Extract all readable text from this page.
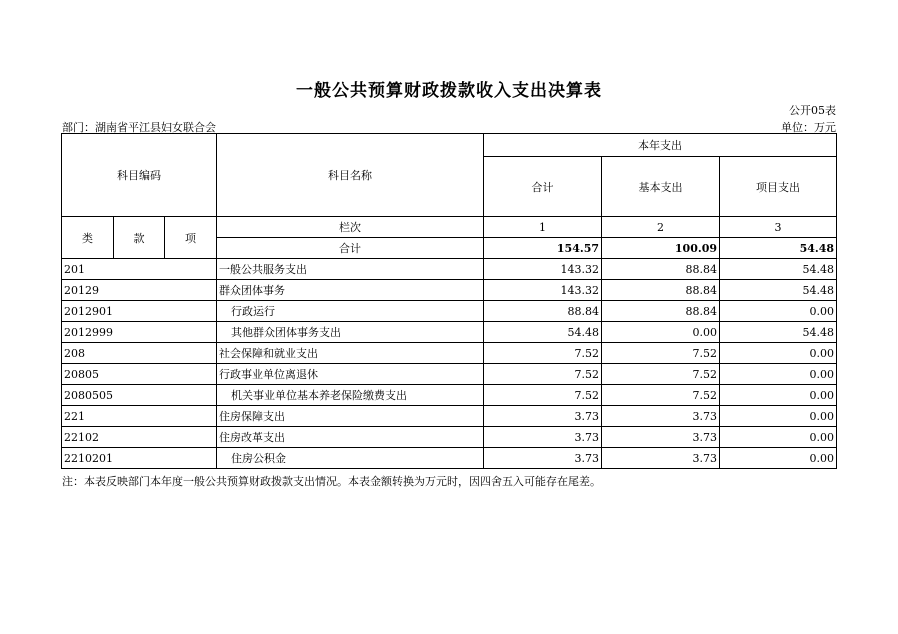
一般公共预算财政拨款收入支出决算表
公开05表
部门：湖南省平江县妇女联合会	单位：万元
科目编码			科目名称	本年支出		
				合计	基本支出	项目支出
类	款	项	栏次	1	2	3
			合计	154.57	100.09	54.48
201			一般公共服务支出	143.32	88.84	54.48
20129			群众团体事务	143.32	88.84	54.48
2012901			行政运行	88.84	88.84	0.00
2012999			其他群众团体事务支出	54.48	0.00	54.48
208			社会保障和就业支出	7.52	7.52	0.00
20805			行政事业单位离退休	7.52	7.52	0.00
2080505			机关事业单位基本养老保险缴费支出	7.52	7.52	0.00
221			住房保障支出	3.73	3.73	0.00
22102			住房改革支出	3.73	3.73	0.00
2210201			住房公积金	3.73	3.73	0.00
注：本表反映部门本年度一般公共预算财政拨款支出情况。本表金额转换为万元时，因四舍五入可能存在尾差。
